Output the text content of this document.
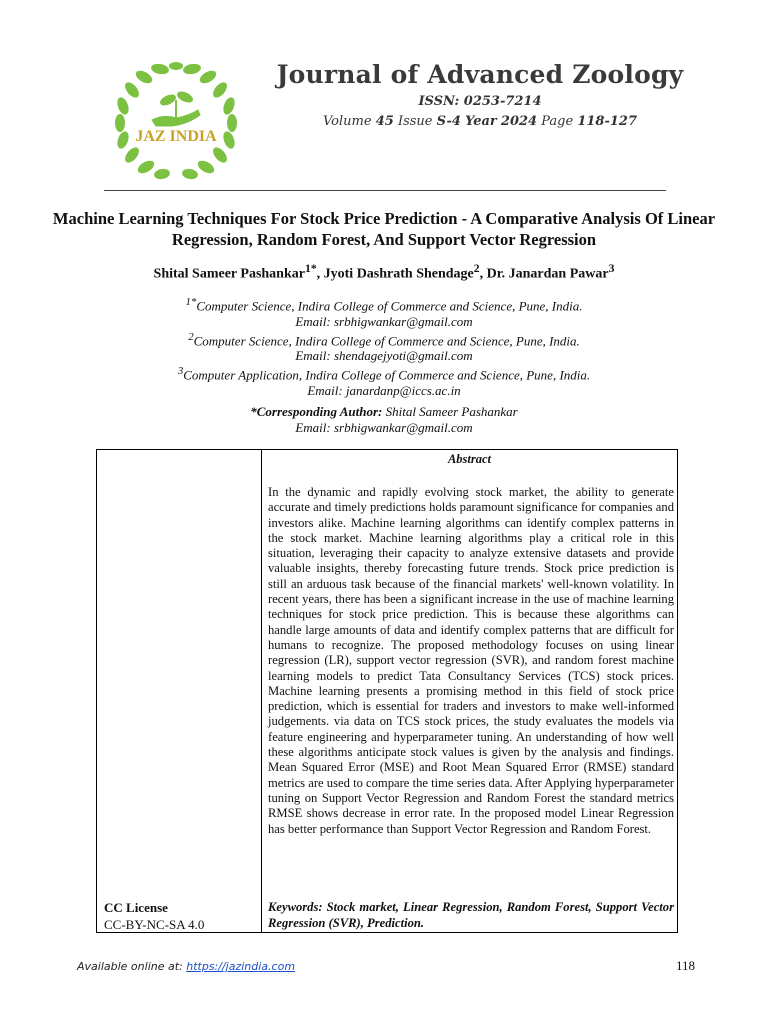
JAZ INDIA
Journal of Advanced Zoology
ISSN: 0253-7214
Volume 45 Issue S-4 Year 2024 Page 118-127
Machine Learning Techniques For Stock Price Prediction - A Comparative Analysis Of Linear Regression, Random Forest, And Support Vector Regression
Shital Sameer Pashankar$^{1*}$, Jyoti Dashrath Shendage$^2$, Dr. Janardan Pawar$^3$
$^{1*}$Computer Science, Indira College of Commerce and Science, Pune, India.
Email: srbhigwankar@gmail.com
$^2$Computer Science, Indira College of Commerce and Science, Pune, India.
Email: shendagejyoti@gmail.com
$^3$Computer Application, Indira College of Commerce and Science, Pune, India.
Email: janardanp@iccs.ac.in
*Corresponding Author: Shital Sameer Pashankar
Email: srbhigwankar@gmail.com
CC License
CC-BY-NC-SA 4.0
Abstract
In the dynamic and rapidly evolving stock market, the ability to generate accurate and timely predictions holds paramount significance for companies and investors alike. Machine learning algorithms can identify complex patterns in the stock market. Machine learning algorithms play a critical role in this situation, leveraging their capacity to analyze extensive datasets and provide valuable insights, thereby forecasting future trends. Stock price prediction is still an arduous task because of the financial markets' well-known volatility. In recent years, there has been a significant increase in the use of machine learning techniques for stock price prediction. This is because these algorithms can handle large amounts of data and identify complex patterns that are difficult for humans to recognize. The proposed methodology focuses on using linear regression (LR), support vector regression (SVR), and random forest machine learning models to predict Tata Consultancy Services (TCS) stock prices. Machine learning presents a promising method in this field of stock price prediction, which is essential for traders and investors to make well-informed judgements. via data on TCS stock prices, the study evaluates the models via feature engineering and hyperparameter tuning. An understanding of how well these algorithms anticipate stock values is given by the analysis and findings. Mean Squared Error (MSE) and Root Mean Squared Error (RMSE) standard metrics are used to compare the time series data. After Applying hyperparameter tuning on Support Vector Regression and Random Forest the standard metrics RMSE shows decrease in error rate. In the proposed model Linear Regression has better performance than Support Vector Regression and Random Forest.
Keywords: Stock market, Linear Regression, Random Forest, Support Vector Regression (SVR), Prediction.
Available online at: https://jazindia.com	118
